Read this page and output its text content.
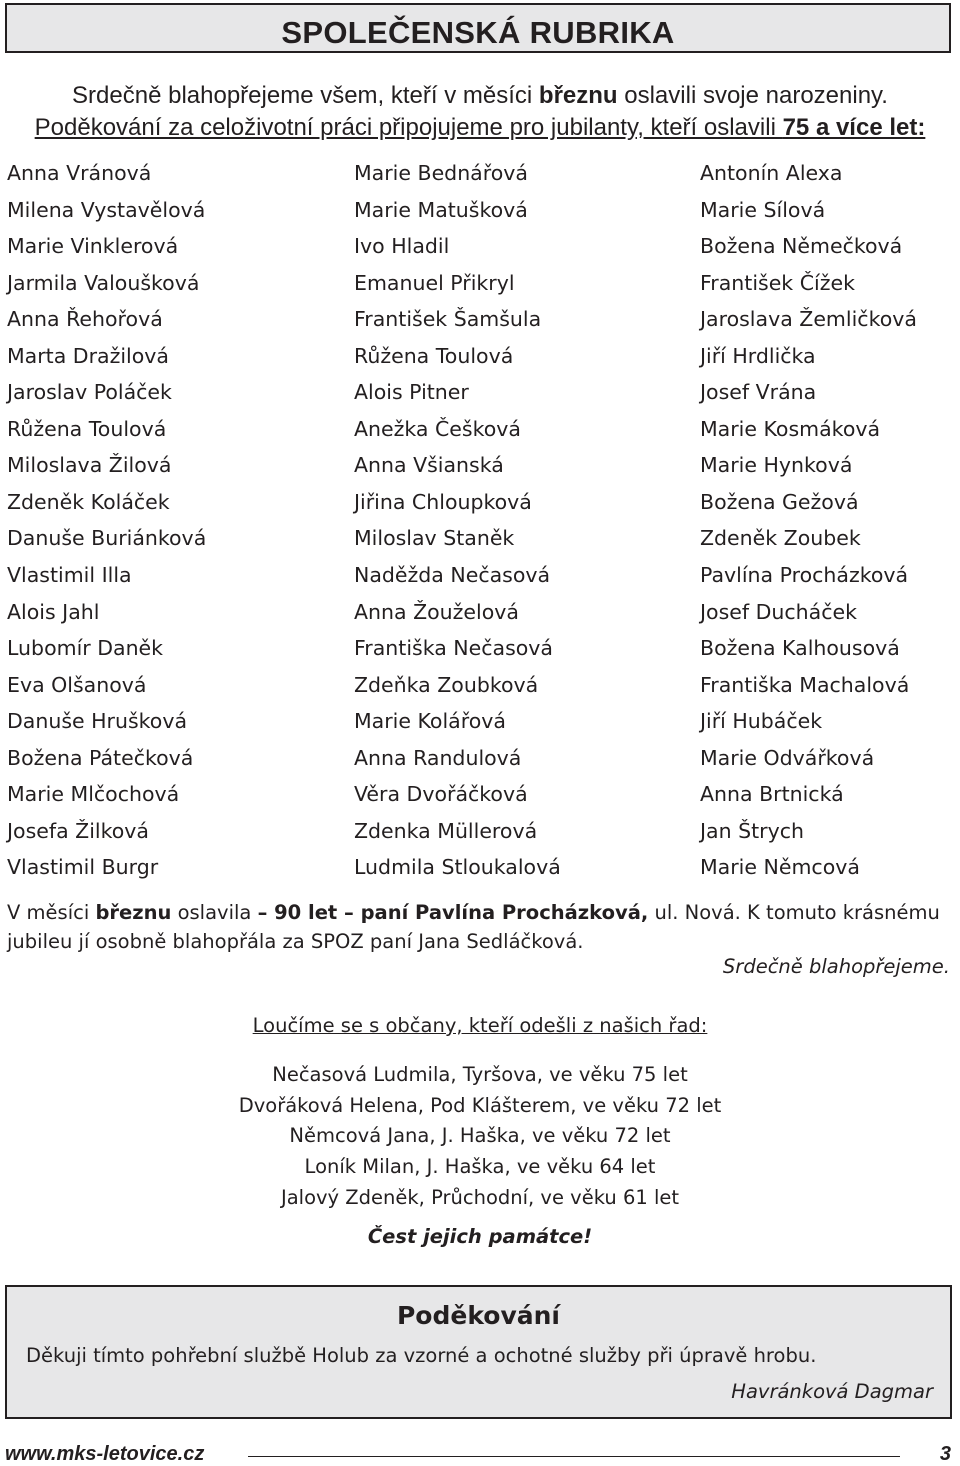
SPOLEČENSKÁ RUBRIKA
Srdečně blahopřejeme všem, kteří v měsíci březnu oslavili svoje narozeniny.
Poděkování za celoživotní práci připojujeme pro jubilanty, kteří oslavili 75 a více let:
Anna Vránová
Milena Vystavělová
Marie Vinklerová
Jarmila Valoušková
Anna Řehořová
Marta Dražilová
Jaroslav Poláček
Růžena Toulová
Miloslava Žilová
Zdeněk Koláček
Danuše Buriánková
Vlastimil Illa
Alois Jahl
Lubomír Daněk
Eva Olšanová
Danuše Hrušková
Božena Pátečková
Marie Mlčochová
Josefa Žilková
Vlastimil Burgr
Marie Bednářová
Marie Matušková
Ivo Hladil
Emanuel Přikryl
František Šamšula
Růžena Toulová
Alois Pitner
Anežka Češková
Anna Všianská
Jiřina Chloupková
Miloslav Staněk
Naděžda Nečasová
Anna Žouželová
Františka Nečasová
Zdeňka Zoubková
Marie Kolářová
Anna Randulová
Věra Dvořáčková
Zdenka Müllerová
Ludmila Stloukalová
Antonín Alexa
Marie Sílová
Božena Němečková
František Čížek
Jaroslava Žemličková
Jiří Hrdlička
Josef Vrána
Marie Kosmáková
Marie Hynková
Božena Gežová
Zdeněk Zoubek
Pavlína Procházková
Josef Ducháček
Božena Kalhousová
Františka Machalová
Jiří Hubáček
Marie Odvářková
Anna Brtnická
Jan Štrych
Marie Němcová
V měsíci březnu oslavila – 90 let – paní Pavlína Procházková, ul. Nová. K tomuto krásnému jubileu jí osobně blahopřála za SPOZ paní Jana Sedláčková.
Srdečně blahopřejeme.
Loučíme se s občany, kteří odešli z našich řad:
Nečasová Ludmila, Tyršova, ve věku 75 let
Dvořáková Helena, Pod Klášterem, ve věku 72 let
Němcová Jana, J. Haška, ve věku 72 let
Loník Milan, J. Haška, ve věku 64 let
Jalový Zdeněk, Průchodní, ve věku 61 let
Čest jejich památce!
Poděkování
Děkuji tímto pohřební službě Holub za vzorné a ochotné služby při úpravě hrobu.
Havránková Dagmar
www.mks-letovice.cz	3
